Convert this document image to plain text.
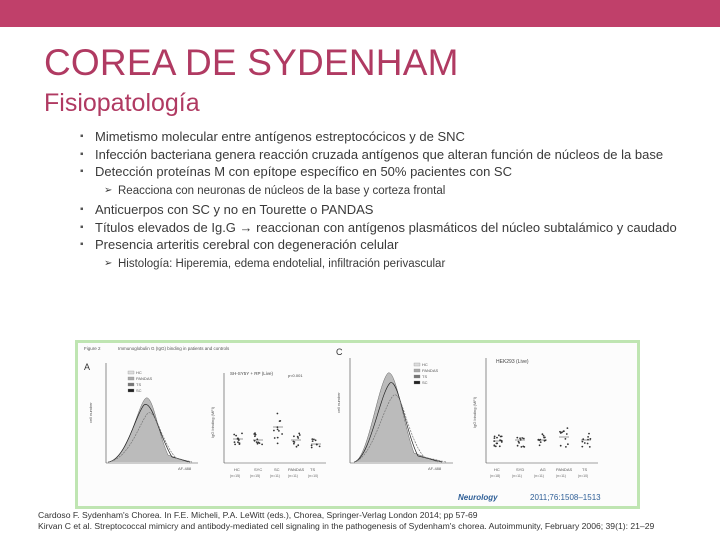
COREA DE SYDENHAM
Fisiopatología
▪ Mimetismo molecular entre antígenos estreptocócicos y de SNC
▪ Infección bacteriana genera reacción cruzada antígenos que alteran función de núcleos de la base
▪ Detección proteínas M con epítope específico en 50% pacientes con SC
➢ Reacciona con neuronas de núcleos de la base y corteza frontal
▪ Anticuerpos con SC y no en Tourette o PANDAS
▪ Títulos elevados de Ig.G → reaccionan con antígenos plasmáticos del núcleo subtalámico y caudado
▪ Presencia arteritis cerebral con degeneración celular
➢ Histología: Hiperemia, edema endotelial, infiltración perivascular
Figure 2	Immunoglobulin G (IgG) binding in patients and controls
A
C
cell number
HC
PANDAS
TS
SC
AF-488
IgG binding (MFI)
SH-SY5Y + RP (Live)	p<0.001
HC	SYC	SC PANDAS TS
(n=15)	(n=15)	(n=11) (n=11)	(n=10)
cell number
HC
PANDAS
TS
SC
AF-488
IgG binding (MFI)
HEK293 (Live)
HC	SYD	AG	PANDAS TS
(n=18)	(n=11)	(n=11)	(n=11)	(n=10)
Neurology	2011;76:1508–1513
Cardoso F. Sydenham's Chorea. In F.E. Micheli, P.A. LeWitt (eds.), Chorea, Springer-Verlag London 2014; pp 57-69
Kirvan C et al. Streptococcal mimicry and antibody-mediated cell signaling in the pathogenesis of Sydenham's chorea. Autoimmunity, February 2006; 39(1): 21–29
